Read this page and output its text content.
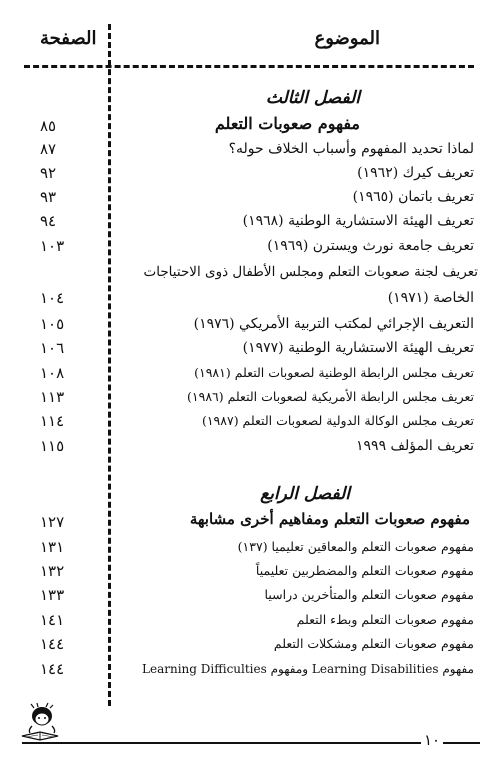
الموضوع
الصفحة
الفصل الثالث
مفهوم صعوبات التعلم
٨٥
لماذا تحديد المفهوم وأسباب الخلاف حوله؟
٨٧
تعريف كيرك (١٩٦٢)
٩٢
تعريف باتمان (١٩٦٥)
٩٣
تعريف الهيئة الاستشارية الوطنية (١٩٦٨)
٩٤
تعريف جامعة نورث ويسترن (١٩٦٩)
١٠٣
تعريف لجنة صعوبات التعلم ومجلس الأطفال ذوى الاحتياجات
الخاصة (١٩٧١)
١٠٤
التعريف الإجرائي لمكتب التربية الأمريكي (١٩٧٦)
١٠٥
تعريف الهيئة الاستشارية الوطنية (١٩٧٧)
١٠٦
تعريف مجلس الرابطة الوطنية لصعوبات التعلم (١٩٨١)
١٠٨
تعريف مجلس الرابطة الأمريكية لصعوبات التعلم (١٩٨٦)
١١٣
تعريف مجلس الوكالة الدولية لصعوبات التعلم (١٩٨٧)
١١٤
تعريف المؤلف ١٩٩٩
١١٥
الفصل الرابع
مفهوم صعوبات التعلم ومفاهيم أخرى مشابهة
١٢٧
مفهوم صعوبات التعلم والمعاقين تعليميا (١٣٧)
١٣١
مفهوم صعوبات التعلم والمضطربين تعليمياً
١٣٢
مفهوم صعوبات التعلم والمتأخرين دراسيا
١٣٣
مفهوم صعوبات التعلم وبطء التعلم
١٤١
مفهوم صعوبات التعلم ومشكلات التعلم
١٤٤
مفهوم Learning Disabilities ومفهوم Learning Difficulties
١٤٤
١٠
